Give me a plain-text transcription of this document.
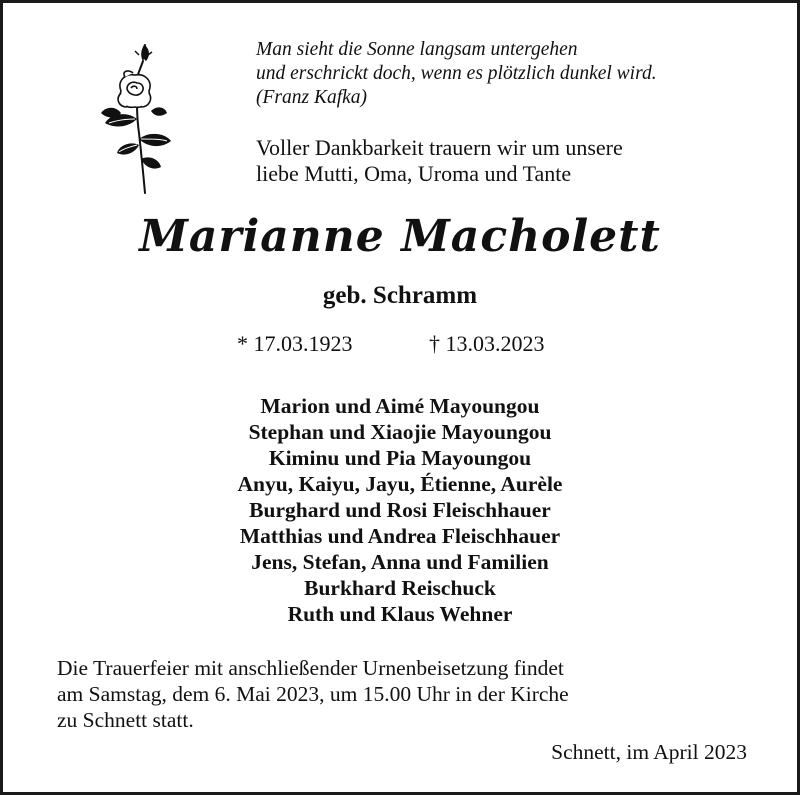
Man sieht die Sonne langsam untergehen
und erschrickt doch, wenn es plötzlich dunkel wird.
(Franz Kafka)
Voller Dankbarkeit trauern wir um unsere
liebe Mutti, Oma, Uroma und Tante
Marianne Macholett
geb. Schramm
* 17.03.1923	† 13.03.2023
Marion und Aimé Mayoungou
Stephan und Xiaojie Mayoungou
Kiminu und Pia Mayoungou
Anyu, Kaiyu, Jayu, Étienne, Aurèle
Burghard und Rosi Fleischhauer
Matthias und Andrea Fleischhauer
Jens, Stefan, Anna und Familien
Burkhard Reischuck
Ruth und Klaus Wehner
Die Trauerfeier mit anschließender Urnenbeisetzung findet
am Samstag, dem 6. Mai 2023, um 15.00 Uhr in der Kirche
zu Schnett statt.
Schnett, im April 2023
